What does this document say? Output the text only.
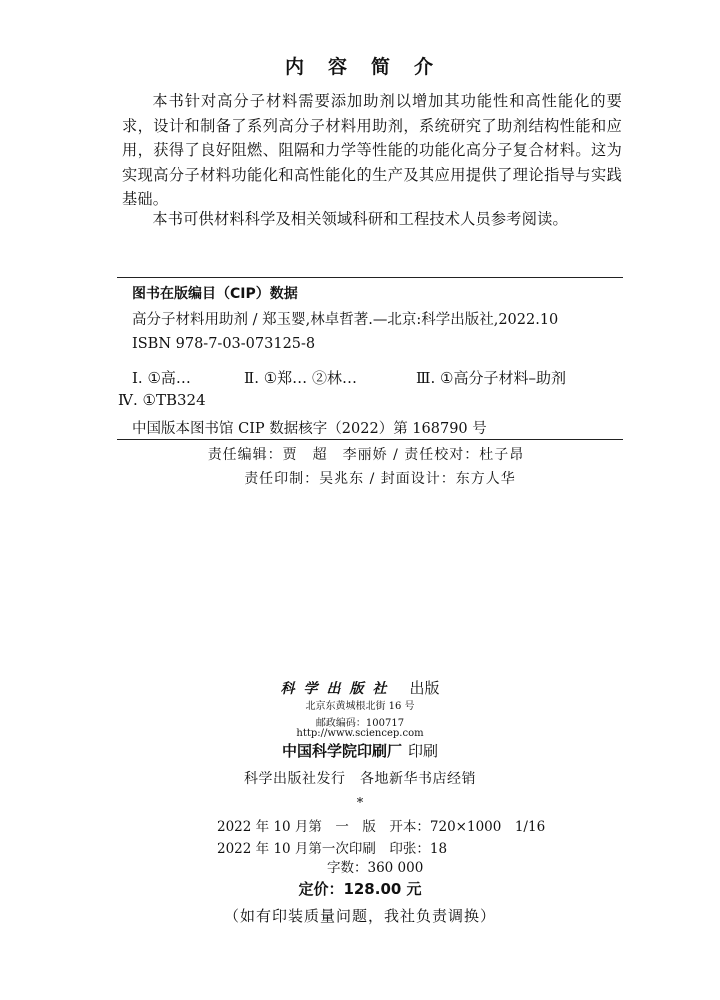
内 容 简 介

本书针对高分子材料需要添加助剂以增加其功能性和高性能化的要求，设计和制备了系列高分子材料用助剂，系统研究了助剂结构性能和应用，获得了良好阻燃、阻隔和力学等性能的功能化高分子复合材料。这为实现高分子材料功能化和高性能化的生产及其应用提供了理论指导与实践基础。

本书可供材料科学及相关领域科研和工程技术人员参考阅读。

图书在版编目（CIP）数据
高分子材料用助剂 / 郑玉婴,林卓哲著.—北京:科学出版社,2022.10
ISBN 978-7-03-073125-8
Ⅰ. ①高…	Ⅱ. ①郑… ②林…	Ⅲ. ①高分子材料–助剂
Ⅳ. ①TB324
中国版本图书馆 CIP 数据核字（2022）第 168790 号
责任编辑：贾　超　李丽娇 / 责任校对：杜子昂
责任印制：吴兆东 / 封面设计：东方人华
科学出版社 出版
北京东黄城根北街 16 号
邮政编码：100717
http://www.sciencep.com
中国科学院印刷厂 印刷
科学出版社发行　各地新华书店经销
*
2022 年 10 月第　一　版　开本：720×1000　1/16
2022 年 10 月第一次印刷　印张：18
字数：360 000
定价：128.00 元
（如有印装质量问题，我社负责调换）
